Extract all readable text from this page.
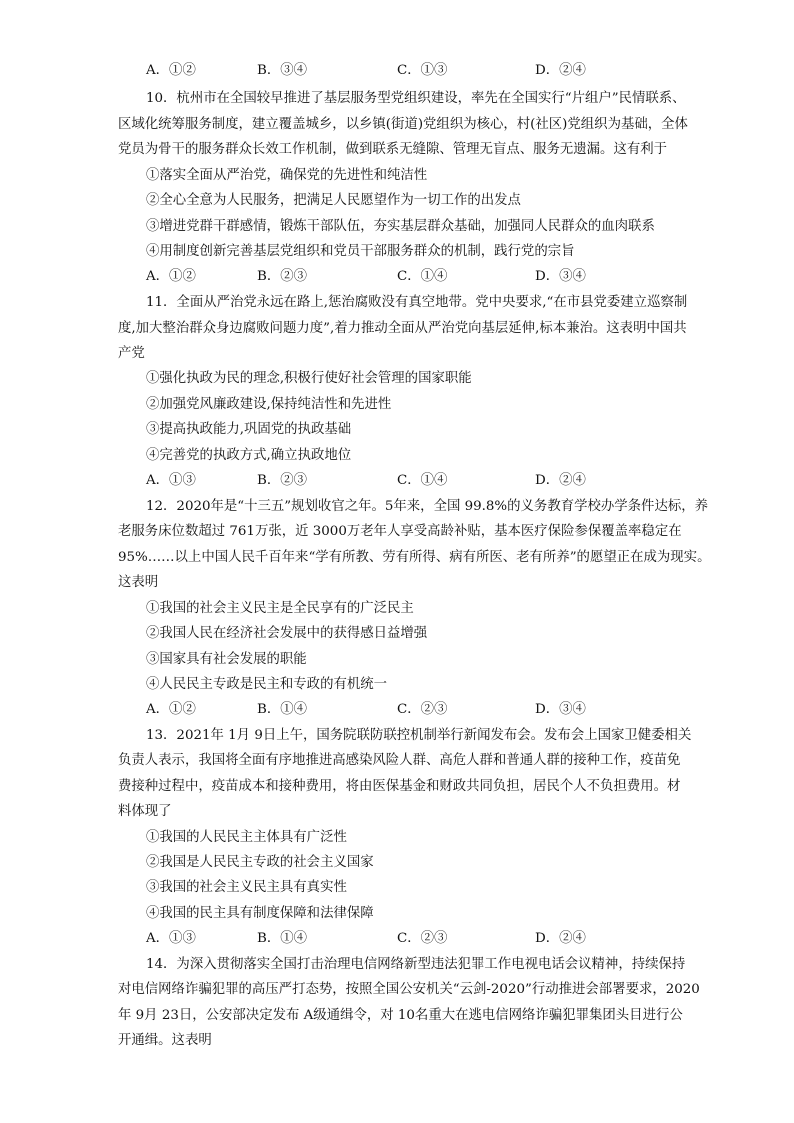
A．①②	B．③④	C．①③	D．②④
10．杭州市在全国较早推进了基层服务型党组织建设，率先在全国实行“片组户”民情联系、
区域化统筹服务制度，建立覆盖城乡，以乡镇(街道)党组织为核心，村(社区)党组织为基础，全体
党员为骨干的服务群众长效工作机制，做到联系无缝隙、管理无盲点、服务无遗漏。这有利于
①落实全面从严治党，确保党的先进性和纯洁性
②全心全意为人民服务，把满足人民愿望作为一切工作的出发点
③增进党群干群感情，锻炼干部队伍，夯实基层群众基础，加强同人民群众的血肉联系
④用制度创新完善基层党组织和党员干部服务群众的机制，践行党的宗旨
A．①②	B．②③	C．①④	D．③④
11．全面从严治党永远在路上,惩治腐败没有真空地带。党中央要求,“在市县党委建立巡察制
度,加大整治群众身边腐败问题力度”,着力推动全面从严治党向基层延伸,标本兼治。这表明中国共
产党
①强化执政为民的理念,积极行使好社会管理的国家职能
②加强党风廉政建设,保持纯洁性和先进性
③提高执政能力,巩固党的执政基础
④完善党的执政方式,确立执政地位
A．①③	B．②③	C．①④	D．②④
12．2020年是“十三五”规划收官之年。5年来，全国 99.8%的义务教育学校办学条件达标，养
老服务床位数超过 761万张，近 3000万老年人享受高龄补贴，基本医疗保险参保覆盖率稳定在
95%……以上中国人民千百年来“学有所教、劳有所得、病有所医、老有所养”的愿望正在成为现实。
这表明
①我国的社会主义民主是全民享有的广泛民主
②我国人民在经济社会发展中的获得感日益增强
③国家具有社会发展的职能
④人民民主专政是民主和专政的有机统一
A．①②	B．①④	C．②③	D．③④
13．2021年 1月 9日上午，国务院联防联控机制举行新闻发布会。发布会上国家卫健委相关
负责人表示，我国将全面有序地推进高感染风险人群、高危人群和普通人群的接种工作，疫苗免
费接种过程中，疫苗成本和接种费用，将由医保基金和财政共同负担，居民个人不负担费用。材
料体现了
①我国的人民民主主体具有广泛性
②我国是人民民主专政的社会主义国家
③我国的社会主义民主具有真实性
④我国的民主具有制度保障和法律保障
A．①③	B．①④	C．②③	D．②④
14．为深入贯彻落实全国打击治理电信网络新型违法犯罪工作电视电话会议精神，持续保持
对电信网络诈骗犯罪的高压严打态势，按照全国公安机关“云剑-2020”行动推进会部署要求，2020
年 9月 23日，公安部决定发布 A级通缉令，对 10名重大在逃电信网络诈骗犯罪集团头目进行公
开通缉。这表明
